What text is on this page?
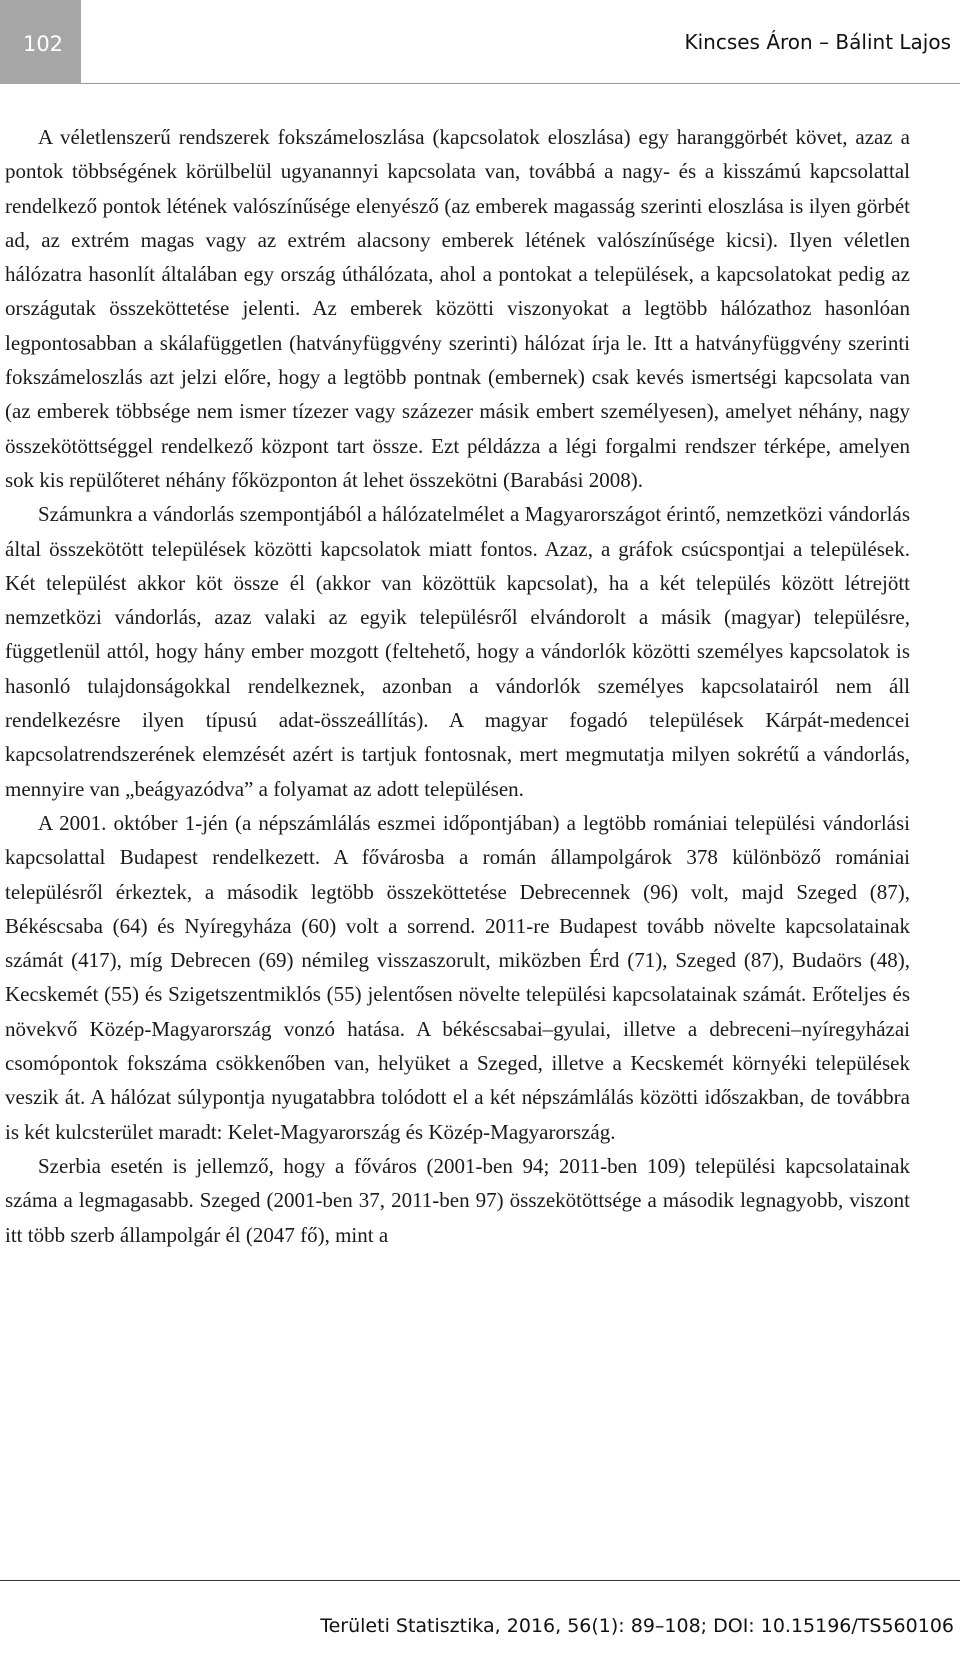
102	Kincses Áron – Bálint Lajos

A véletlenszerű rendszerek fokszámeloszlása (kapcsolatok eloszlása) egy haranggörbét követ, azaz a pontok többségének körülbelül ugyanannyi kapcsolata van, továbbá a nagy- és a kisszámú kapcsolattal rendelkező pontok létének valószínűsége elenyésző (az emberek magasság szerinti eloszlása is ilyen görbét ad, az extrém magas vagy az extrém alacsony emberek létének valószínűsége kicsi). Ilyen véletlen hálózatra hasonlít általában egy ország úthálózata, ahol a pontokat a települések, a kapcsolatokat pedig az országutak összeköttetése jelenti. Az emberek közötti viszonyokat a legtöbb hálózathoz hasonlóan legpontosabban a skálafüggetlen (hatványfüggvény szerinti) hálózat írja le. Itt a hatványfüggvény szerinti fokszámeloszlás azt jelzi előre, hogy a legtöbb pontnak (embernek) csak kevés ismertségi kapcsolata van (az emberek többsége nem ismer tízezer vagy százezer másik embert személyesen), amelyet néhány, nagy összekötöttséggel rendelkező központ tart össze. Ezt példázza a légi forgalmi rendszer térképe, amelyen sok kis repülőteret néhány főközponton át lehet összekötni (Barabási 2008).

Számunkra a vándorlás szempontjából a hálózatelmélet a Magyarországot érintő, nemzetközi vándorlás által összekötött települések közötti kapcsolatok miatt fontos. Azaz, a gráfok csúcspontjai a települések. Két települést akkor köt össze él (akkor van közöttük kapcsolat), ha a két település között létrejött nemzetközi vándorlás, azaz valaki az egyik településről elvándorolt a másik (magyar) településre, függetlenül attól, hogy hány ember mozgott (feltehető, hogy a vándorlók közötti személyes kapcsolatok is hasonló tulajdonságokkal rendelkeznek, azonban a vándorlók személyes kapcsolatairól nem áll rendelkezésre ilyen típusú adat-összeállítás). A magyar fogadó települések Kárpát-medencei kapcsolatrendszerének elemzését azért is tartjuk fontosnak, mert megmutatja milyen sokrétű a vándorlás, mennyire van „beágyazódva” a folyamat az adott településen.

A 2001. október 1-jén (a népszámlálás eszmei időpontjában) a legtöbb romániai települési vándorlási kapcsolattal Budapest rendelkezett. A fővárosba a román állampolgárok 378 különböző romániai településről érkeztek, a második legtöbb összeköttetése Debrecennek (96) volt, majd Szeged (87), Békéscsaba (64) és Nyíregyháza (60) volt a sorrend. 2011-re Budapest tovább növelte kapcsolatainak számát (417), míg Debrecen (69) némileg visszaszorult, miközben Érd (71), Szeged (87), Budaörs (48), Kecskemét (55) és Szigetszentmiklós (55) jelentősen növelte települési kapcsolatainak számát. Erőteljes és növekvő Közép-Magyarország vonzó hatása. A békéscsabai–gyulai, illetve a debreceni–nyíregyházai csomópontok fokszáma csökkenőben van, helyüket a Szeged, illetve a Kecskemét környéki települések veszik át. A hálózat súlypontja nyugatabbra tolódott el a két népszámlálás közötti időszakban, de továbbra is két kulcsterület maradt: Kelet-Magyarország és Közép-Magyarország.

Szerbia esetén is jellemző, hogy a főváros (2001-ben 94; 2011-ben 109) települési kapcsolatainak száma a legmagasabb. Szeged (2001-ben 37, 2011-ben 97) összekötöttsége a második legnagyobb, viszont itt több szerb állampolgár él (2047 fő), mint a

Területi Statisztika, 2016, 56(1): 89–108; DOI: 10.15196/TS560106
